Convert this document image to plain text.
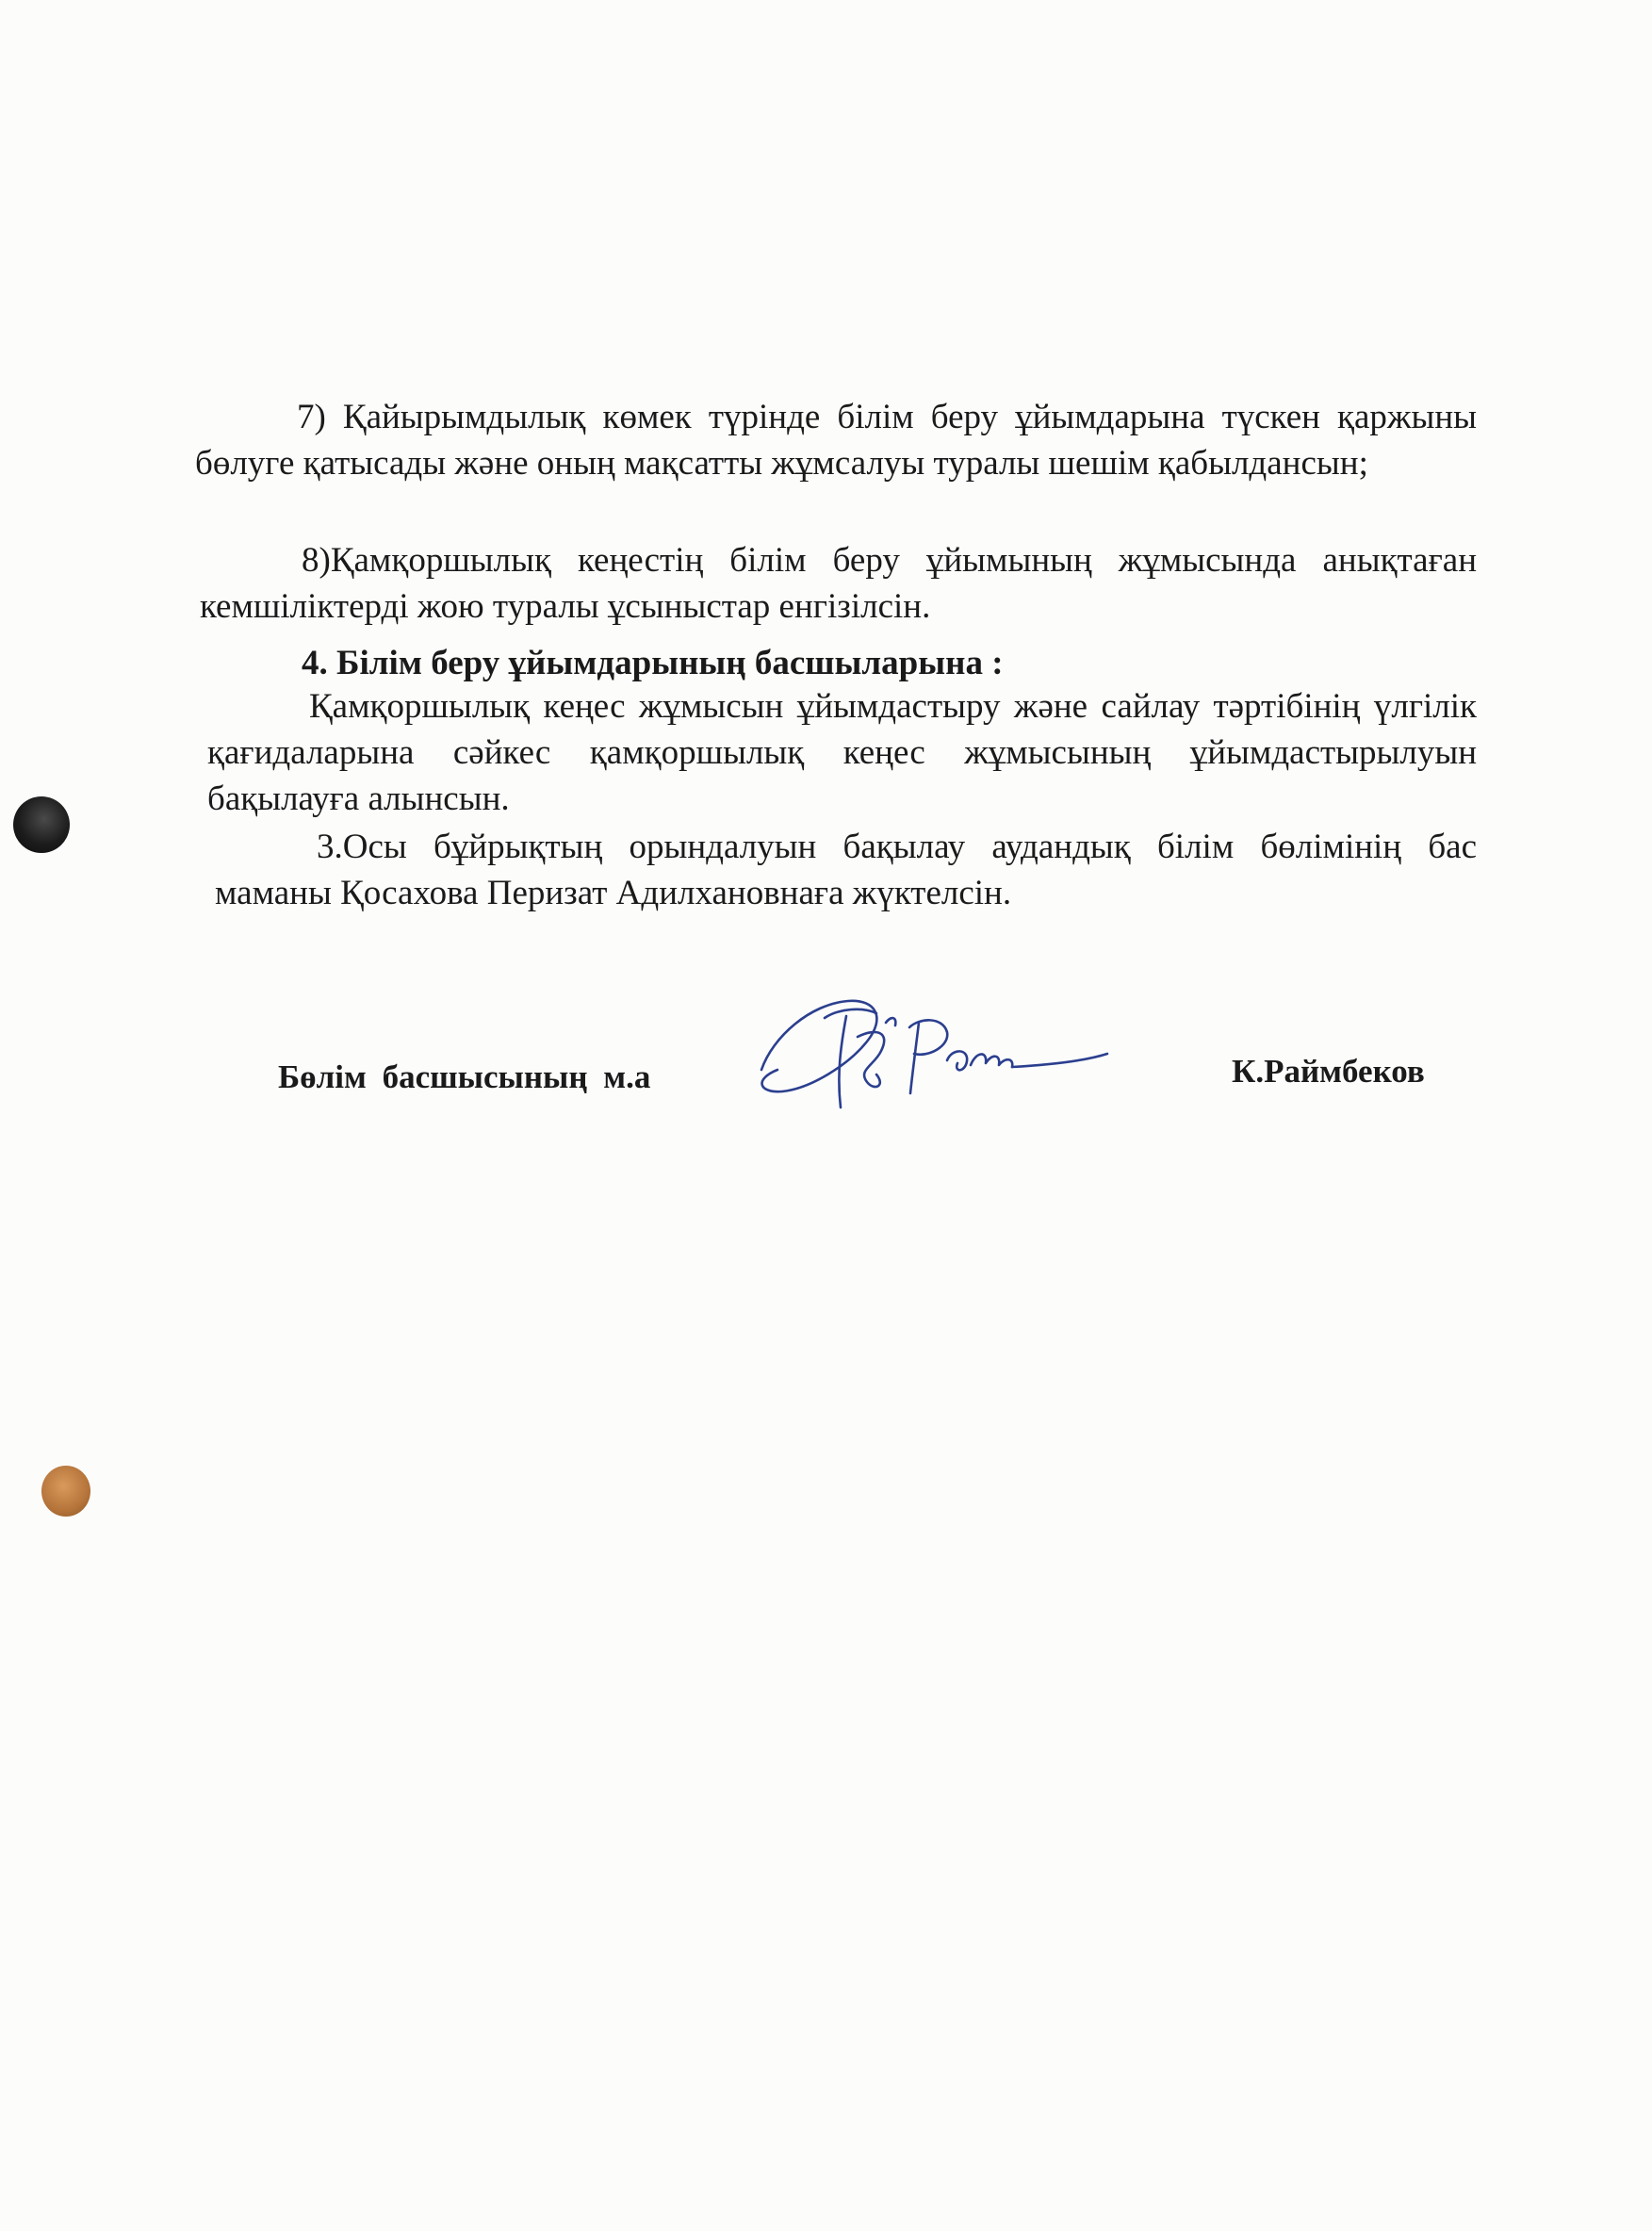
7) Қайырымдылық көмек түрінде білім беру ұйымдарына түскен қаржыны бөлуге қатысады және оның мақсатты жұмсалуы туралы шешім қабылдансын;

8)Қамқоршылық кеңестің білім беру ұйымының жұмысында анықтаған кемшіліктерді жою туралы ұсыныстар енгізілсін.

4. Білім беру ұйымдарының басшыларына :

Қамқоршылық кеңес жұмысын ұйымдастыру және сайлау тәртібінің үлгілік қағидаларына сәйкес қамқоршылық кеңес жұмысының ұйымдастырылуын бақылауға алынсын.

3.Осы бұйрықтың орындалуын бақылау аудандық білім бөлімінің бас маманы Қосахова Перизат Адилхановнаға жүктелсін.

Бөлім басшысының м.а	К.Раймбеков
